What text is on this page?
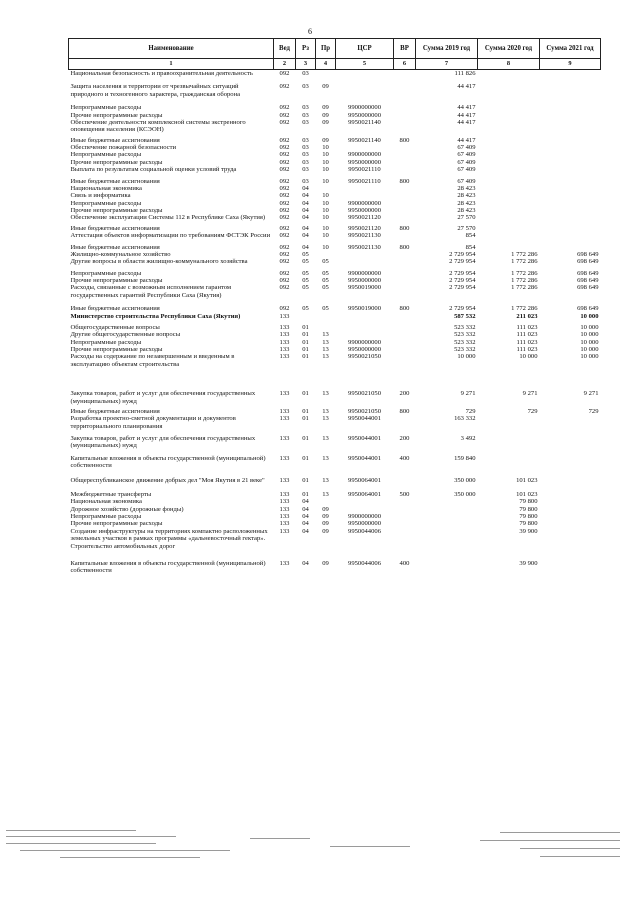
6
Наименование	Вед	Рз	Пр	ЦСР	ВР	Сумма 2019 год	Сумма 2020 год	Сумма 2021 год
1	2	3	4	5	6	7	8	9
Национальная безопасность и правоохранительная деятельность	092	03				111 826		
Защита населения и территории от чрезвычайных ситуаций природного и техногенного характера, гражданская оборона	092	03	09			44 417		
Непрограммные расходы	092	03	09	9900000000		44 417		
Прочие непрограммные расходы	092	03	09	9950000000		44 417		
Обеспечение деятельности комплексной системы экстренного оповещения населения (КСЭОН)	092	03	09	9950021140		44 417		
Иные бюджетные ассигнования	092	03	09	9950021140	800	44 417		
Обеспечение пожарной безопасности	092	03	10			67 409		
Непрограммные расходы	092	03	10	9900000000		67 409		
Прочие непрограммные расходы	092	03	10	9950000000		67 409		
Выплата по результатам социальной оценки условий труда	092	03	10	9950021110		67 409		
Иные бюджетные ассигнования	092	03	10	9950021110	800	67 409		
Национальная экономика	092	04				28 423		
Связь и информатика	092	04	10			28 423		
Непрограммные расходы	092	04	10	9900000000		28 423		
Прочие непрограммные расходы	092	04	10	9950000000		28 423		
Обеспечение эксплуатации Системы 112 в Республике Саха (Якутия)	092	04	10	9950021120		27 570		
Иные бюджетные ассигнования	092	04	10	9950021120	800	27 570		
Аттестация объектов информатизации по требованиям ФСТЭК России	092	04	10	9950021130		854		
Иные бюджетные ассигнования	092	04	10	9950021130	800	854		
Жилищно-коммунальное хозяйство	092	05				2 729 954	1 772 286	698 649
Другие вопросы в области жилищно-коммунального хозяйства	092	05	05			2 729 954	1 772 286	698 649
Непрограммные расходы	092	05	05	9900000000		2 729 954	1 772 286	698 649
Прочие непрограммные расходы	092	05	05	9950000000		2 729 954	1 772 286	698 649
Расходы, связанные с возможным исполнением гарантом государственных гарантий Республики Саха (Якутия)	092	05	05	9950019000		2 729 954	1 772 286	698 649
Иные бюджетные ассигнования	092	05	05	9950019000	800	2 729 954	1 772 286	698 649
Министерство строительства Республики Саха (Якутия)	133					587 532	211 023	10 000
Общегосударственные вопросы	133	01				523 332	111 023	10 000
Другие общегосударственные вопросы	133	01	13			523 332	111 023	10 000
Непрограммные расходы	133	01	13	9900000000		523 332	111 023	10 000
Прочие непрограммные расходы	133	01	13	9950000000		523 332	111 023	10 000
Расходы на содержание по незавершенным и введенным в эксплуатацию объектам строительства	133	01	13	9950021050		10 000	10 000	10 000
Закупка товаров, работ и услуг для обеспечения государственных (муниципальных) нужд	133	01	13	9950021050	200	9 271	9 271	9 271
Иные бюджетные ассигнования	133	01	13	9950021050	800	729	729	729
Разработка проектно-сметной документации и документов территориального планирования	133	01	13	9950044001		163 332		
Закупка товаров, работ и услуг для обеспечения государственных (муниципальных) нужд	133	01	13	9950044001	200	3 492		
Капитальные вложения в объекты государственной (муниципальной) собственности	133	01	13	9950044001	400	159 840		
Общереспубликанское движение добрых дел "Моя Якутия в 21 веке"	133	01	13	9950064001		350 000	101 023	
Межбюджетные трансферты	133	01	13	9950064001	500	350 000	101 023	
Национальная экономика	133	04					79 800	
Дорожное хозяйство (дорожные фонды)	133	04	09				79 800	
Непрограммные расходы	133	04	09	9900000000			79 800	
Прочие непрограммные расходы	133	04	09	9950000000			79 800	
Создание инфраструктуры на территориях компактно расположенных земельных участков в рамках программы «дальневосточный гектар». Строительство автомобильных дорог	133	04	09	9950044006			39 900	
Капитальные вложения в объекты государственной (муниципальной) собственности	133	04	09	9950044006	400		39 900	
